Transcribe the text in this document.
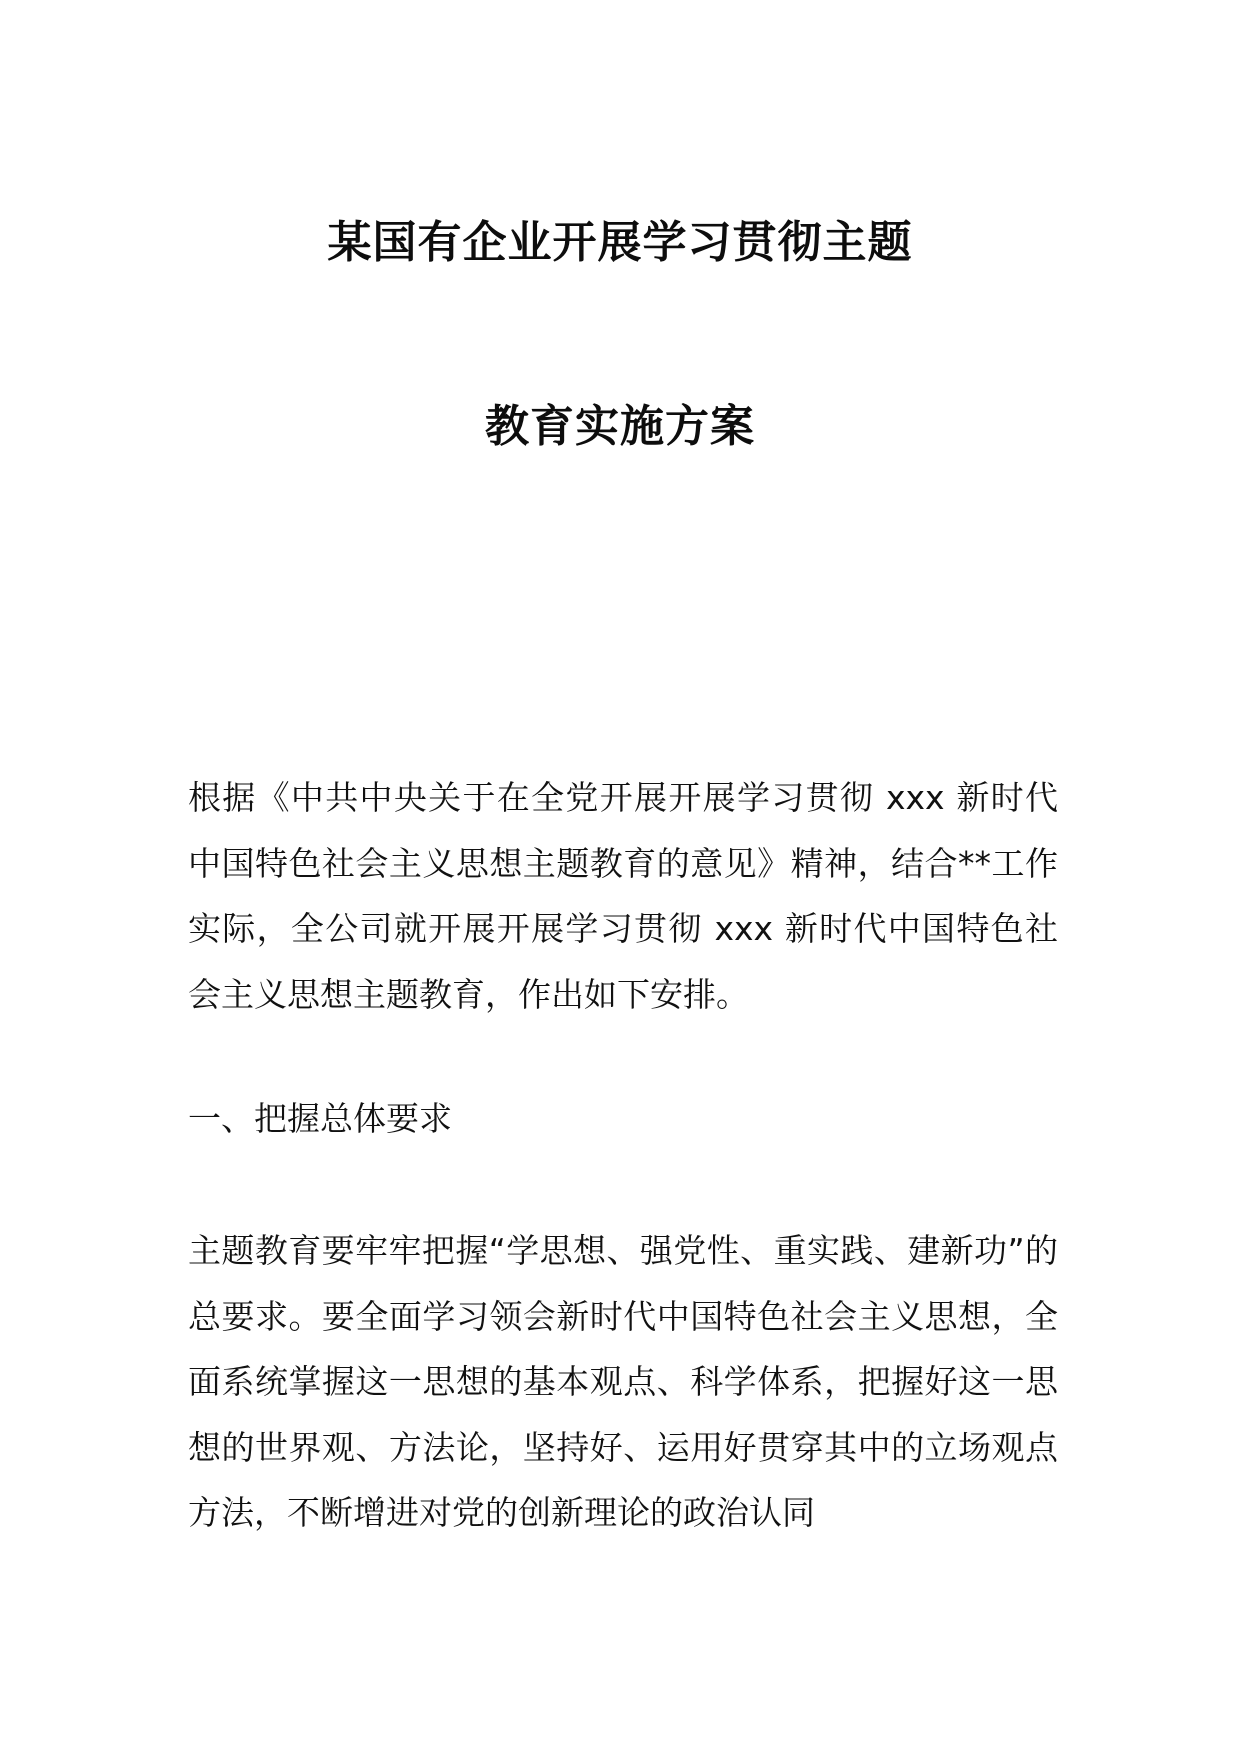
某国有企业开展学习贯彻主题
教育实施方案
根据《中共中央关于在全党开展开展学习贯彻 xxx 新时代中国特色社会主义思想主题教育的意见》精神，结合**工作实际，全公司就开展开展学习贯彻 xxx 新时代中国特色社会主义思想主题教育，作出如下安排。
一、把握总体要求
主题教育要牢牢把握“学思想、强党性、重实践、建新功”的总要求。要全面学习领会新时代中国特色社会主义思想，全面系统掌握这一思想的基本观点、科学体系，把握好这一思想的世界观、方法论，坚持好、运用好贯穿其中的立场观点方法，不断增进对党的创新理论的政治认同
